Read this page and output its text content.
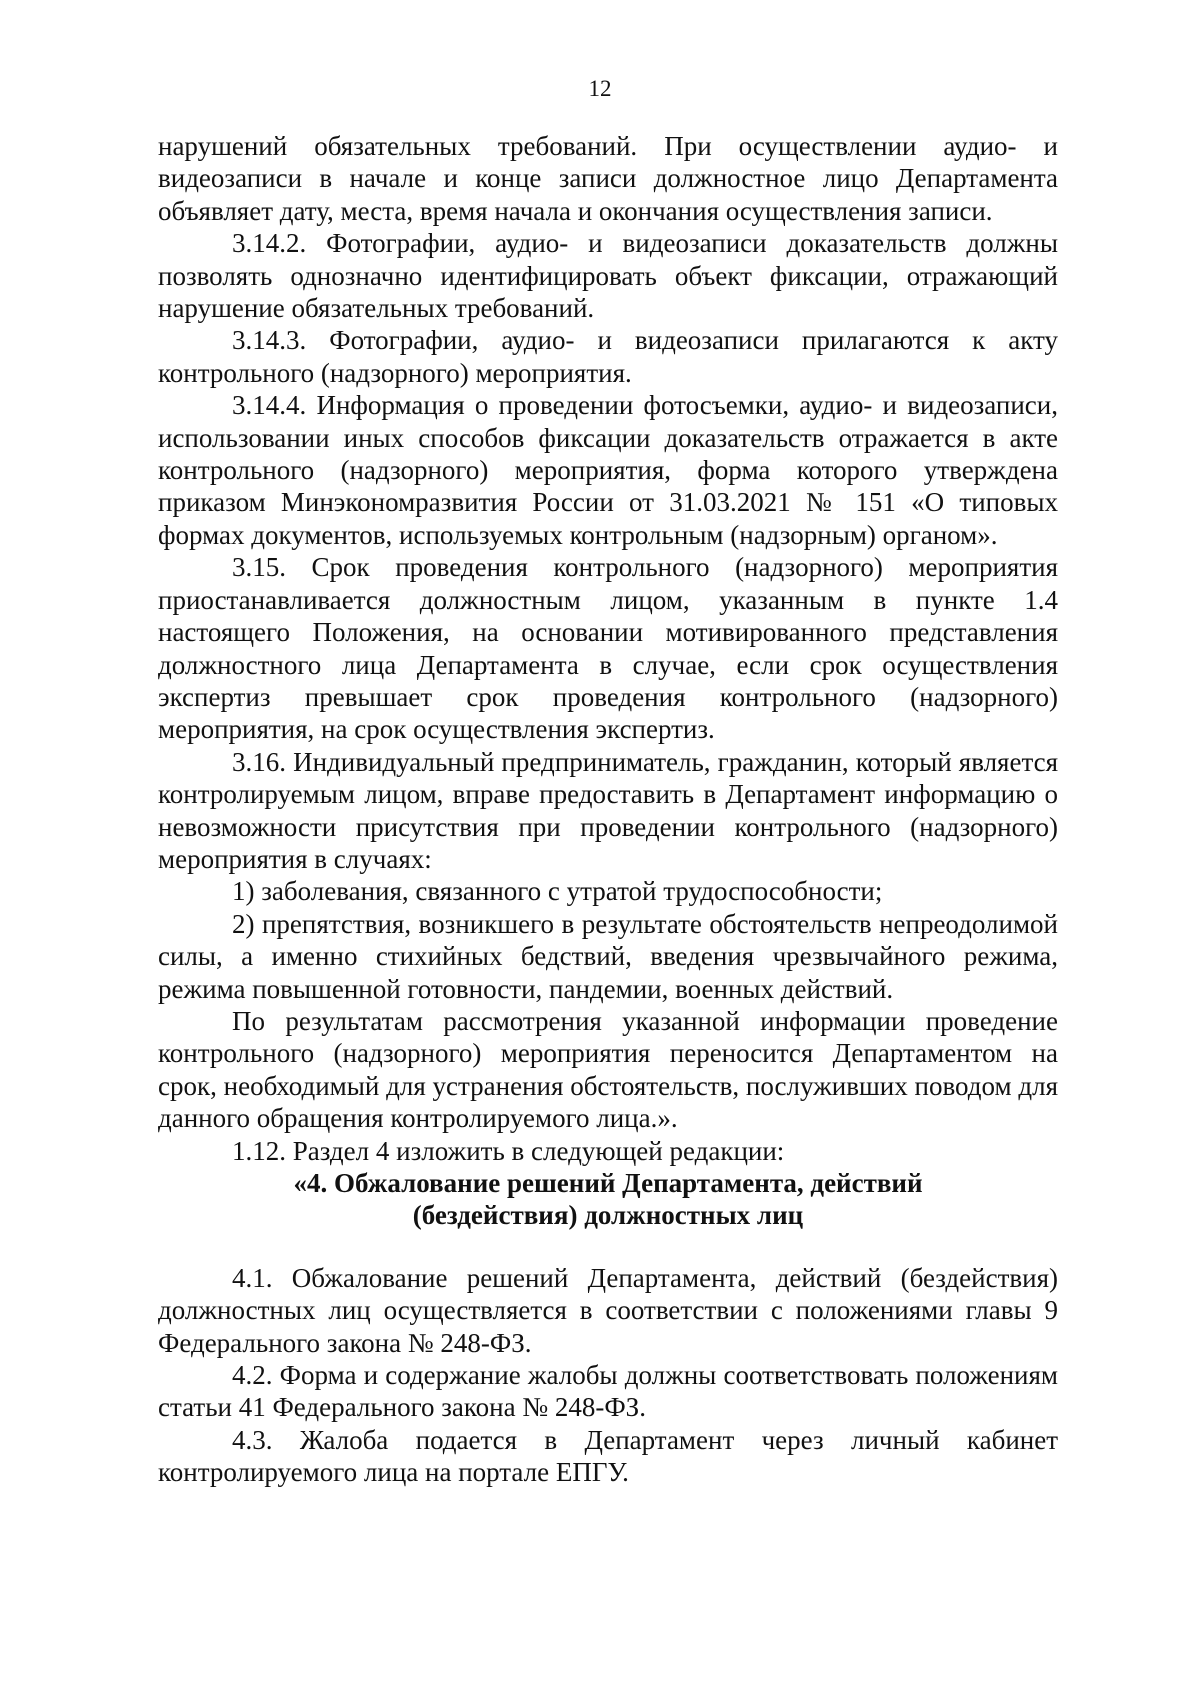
12

нарушений обязательных требований. При осуществлении аудио- и видеозаписи в начале и конце записи должностное лицо Департамента объявляет дату, места, время начала и окончания осуществления записи.

3.14.2. Фотографии, аудио- и видеозаписи доказательств должны позволять однозначно идентифицировать объект фиксации, отражающий нарушение обязательных требований.

3.14.3. Фотографии, аудио- и видеозаписи прилагаются к акту контрольного (надзорного) мероприятия.

3.14.4. Информация о проведении фотосъемки, аудио- и видеозаписи, использовании иных способов фиксации доказательств отражается в акте контрольного (надзорного) мероприятия, форма которого утверждена приказом Минэкономразвития России от 31.03.2021 № 151 «О типовых формах документов, используемых контрольным (надзорным) органом».

3.15. Срок проведения контрольного (надзорного) мероприятия приостанавливается должностным лицом, указанным в пункте 1.4 настоящего Положения, на основании мотивированного представления должностного лица Департамента в случае, если срок осуществления экспертиз превышает срок проведения контрольного (надзорного) мероприятия, на срок осуществления экспертиз.

3.16. Индивидуальный предприниматель, гражданин, который является контролируемым лицом, вправе предоставить в Департамент информацию о невозможности присутствия при проведении контрольного (надзорного) мероприятия в случаях:

1) заболевания, связанного с утратой трудоспособности;

2) препятствия, возникшего в результате обстоятельств непреодолимой силы, а именно стихийных бедствий, введения чрезвычайного режима, режима повышенной готовности, пандемии, военных действий.

По результатам рассмотрения указанной информации проведение контрольного (надзорного) мероприятия переносится Департаментом на срок, необходимый для устранения обстоятельств, послуживших поводом для данного обращения контролируемого лица.».

1.12. Раздел 4 изложить в следующей редакции:

«4. Обжалование решений Департамента, действий

(бездействия) должностных лиц

4.1. Обжалование решений Департамента, действий (бездействия) должностных лиц осуществляется в соответствии с положениями главы 9 Федерального закона № 248-ФЗ.

4.2. Форма и содержание жалобы должны соответствовать положениям статьи 41 Федерального закона № 248-ФЗ.

4.3. Жалоба подается в Департамент через личный кабинет контролируемого лица на портале ЕПГУ.
